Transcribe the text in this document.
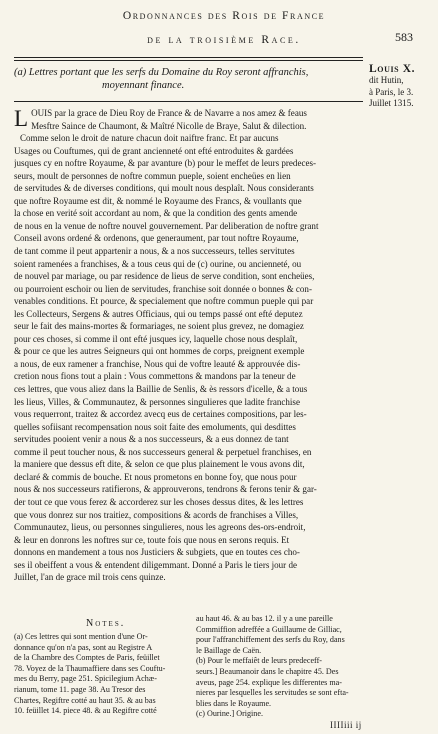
Ordonnances des Rois de France
de la troisième Race.	583
Louis X.
dit Hutin,
à Paris, le 3.
Juillet 1315.
(a) Lettres portant que les serfs du Domaine du Roy seront affranchis,
moyennant finance.
L OUIS par la grace de Dieu Roy de France & de Navarre a nos amez & feaus
Mesftre Saince de Chaumont, & Maîtré Nicolle de Braye, Salut & dilection.
Comme selon le droit de nature chacun doit naiftre franc. Et par aucuns
Usages ou Couftumes, qui de grant ancienneté ont efté entroduites & gardées
jusques cy en noftre Royaume, & par avanture (b) pour le meffet de leurs predeces-
seurs, moult de personnes de noftre commun pueple, soient encheües en lien
de servitudes & de diverses conditions, qui moult nous desplaît. Nous considerants
que noftre Royaume est dit, & nommé le Royaume des Francs, & voullants que
la chose en verité soit accordant au nom, & que la condition des gents amende
de nous en la venue de noftre nouvel gouvernement. Par deliberation de noftre grant
Conseil avons ordené & ordenons, que generaument, par tout noftre Royaume,
de tant comme il peut appartenir a nous, & a nos successeurs, telles servitutes
soient ramenées a franchises, & a tous ceus qui de (c) ourine, ou ancienneté, ou
de nouvel par mariage, ou par residence de lieus de serve condition, sont encheües,
ou pourroient eschoir ou lien de servitudes, franchise soit donnée o bonnes & con-
venables conditions. Et pource, & specialement que noftre commun pueple qui par
les Collecteurs, Sergens & autres Officiaus, qui ou temps passé ont efté deputez
seur le fait des mains-mortes & formariages, ne soient plus grevez, ne domagiez
pour ces choses, si comme il ont efté jusques icy, laquelle chose nous desplaît,
& pour ce que les autres Seigneurs qui ont hommes de corps, preignent exemple
a nous, de eux ramener a franchise, Nous qui de voftre leauté & approuvée dis-
cretion nous fions tout a plain : Vous commettons & mandons par la teneur de
ces lettres, que vous aliez dans la Baillie de Senlis, & ès ressors d'icelle, & a tous
les lieus, Villes, & Communautez, & personnes singulieres que ladite franchise
vous requerront, traitez & accordez avecq eus de certaines compositions, par les-
quelles sofiisant recompensation nous soit faite des emoluments, qui desdittes
servitudes pooient venir a nous & a nos successeurs, & a eus donnez de tant
comme il peut toucher nous, & nos successeurs general & perpetuel franchises, en
la maniere que dessus eft dite, & selon ce que plus plainement le vous avons dit,
declaré & commis de bouche. Et nous prometons en bonne foy, que nous pour
nous & nos successeurs ratifierons, & approuverons, tendrons & ferons tenir & gar-
der tout ce que vous ferez & accorderez sur les choses dessus dites, & les lettres
que vous donrez sur nos traitiez, compositions & acords de franchises a Villes,
Communautez, lieus, ou personnes singulieres, nous les agreons des-ors-endroit,
& leur en donrons les noftres sur ce, toute fois que nous en serons requis. Et
donnons en mandement a tous nos Justiciers & subgiets, que en toutes ces cho-
ses il obeiffent a vous & entendent diligemmant. Donné a Paris le tiers jour de
Juillet, l'an de grace mil trois cens quinze.
Notes.
(a) Ces lettres qui sont mention d'une Or-
donnance qu'on n'a pas, sont au Registre A
de la Chambre des Comptes de Paris, feüillet
78. Voyez de la Thaumaffiere dans ses Couftu-
mes du Berry, page 251. Spicilegium Achæ-
rianum, tome 11. page 38. Au Tresor des
Chartes, Regiftre cotté au haut 35. & au bas
10. feüillet 14. piece 48. & au Regiftre cotté
au haut 46. & au bas 12. il y a une pareille
Commiffion adreffée a Guillaume de Gilliac,
pour l'affranchiffement des serfs du Roy, dans
le Baillage de Caën.
(b) Pour le meffaiêt de leurs predeceff-
seurs.] Beaumanoir dans le chapitre 45. Des
aveus, page 254. explique les differentes ma-
nieres par lesquelles les servitudes se sont efta-
blies dans le Royaume.
(c) Ourine.] Origine.
IIIIiii ij
